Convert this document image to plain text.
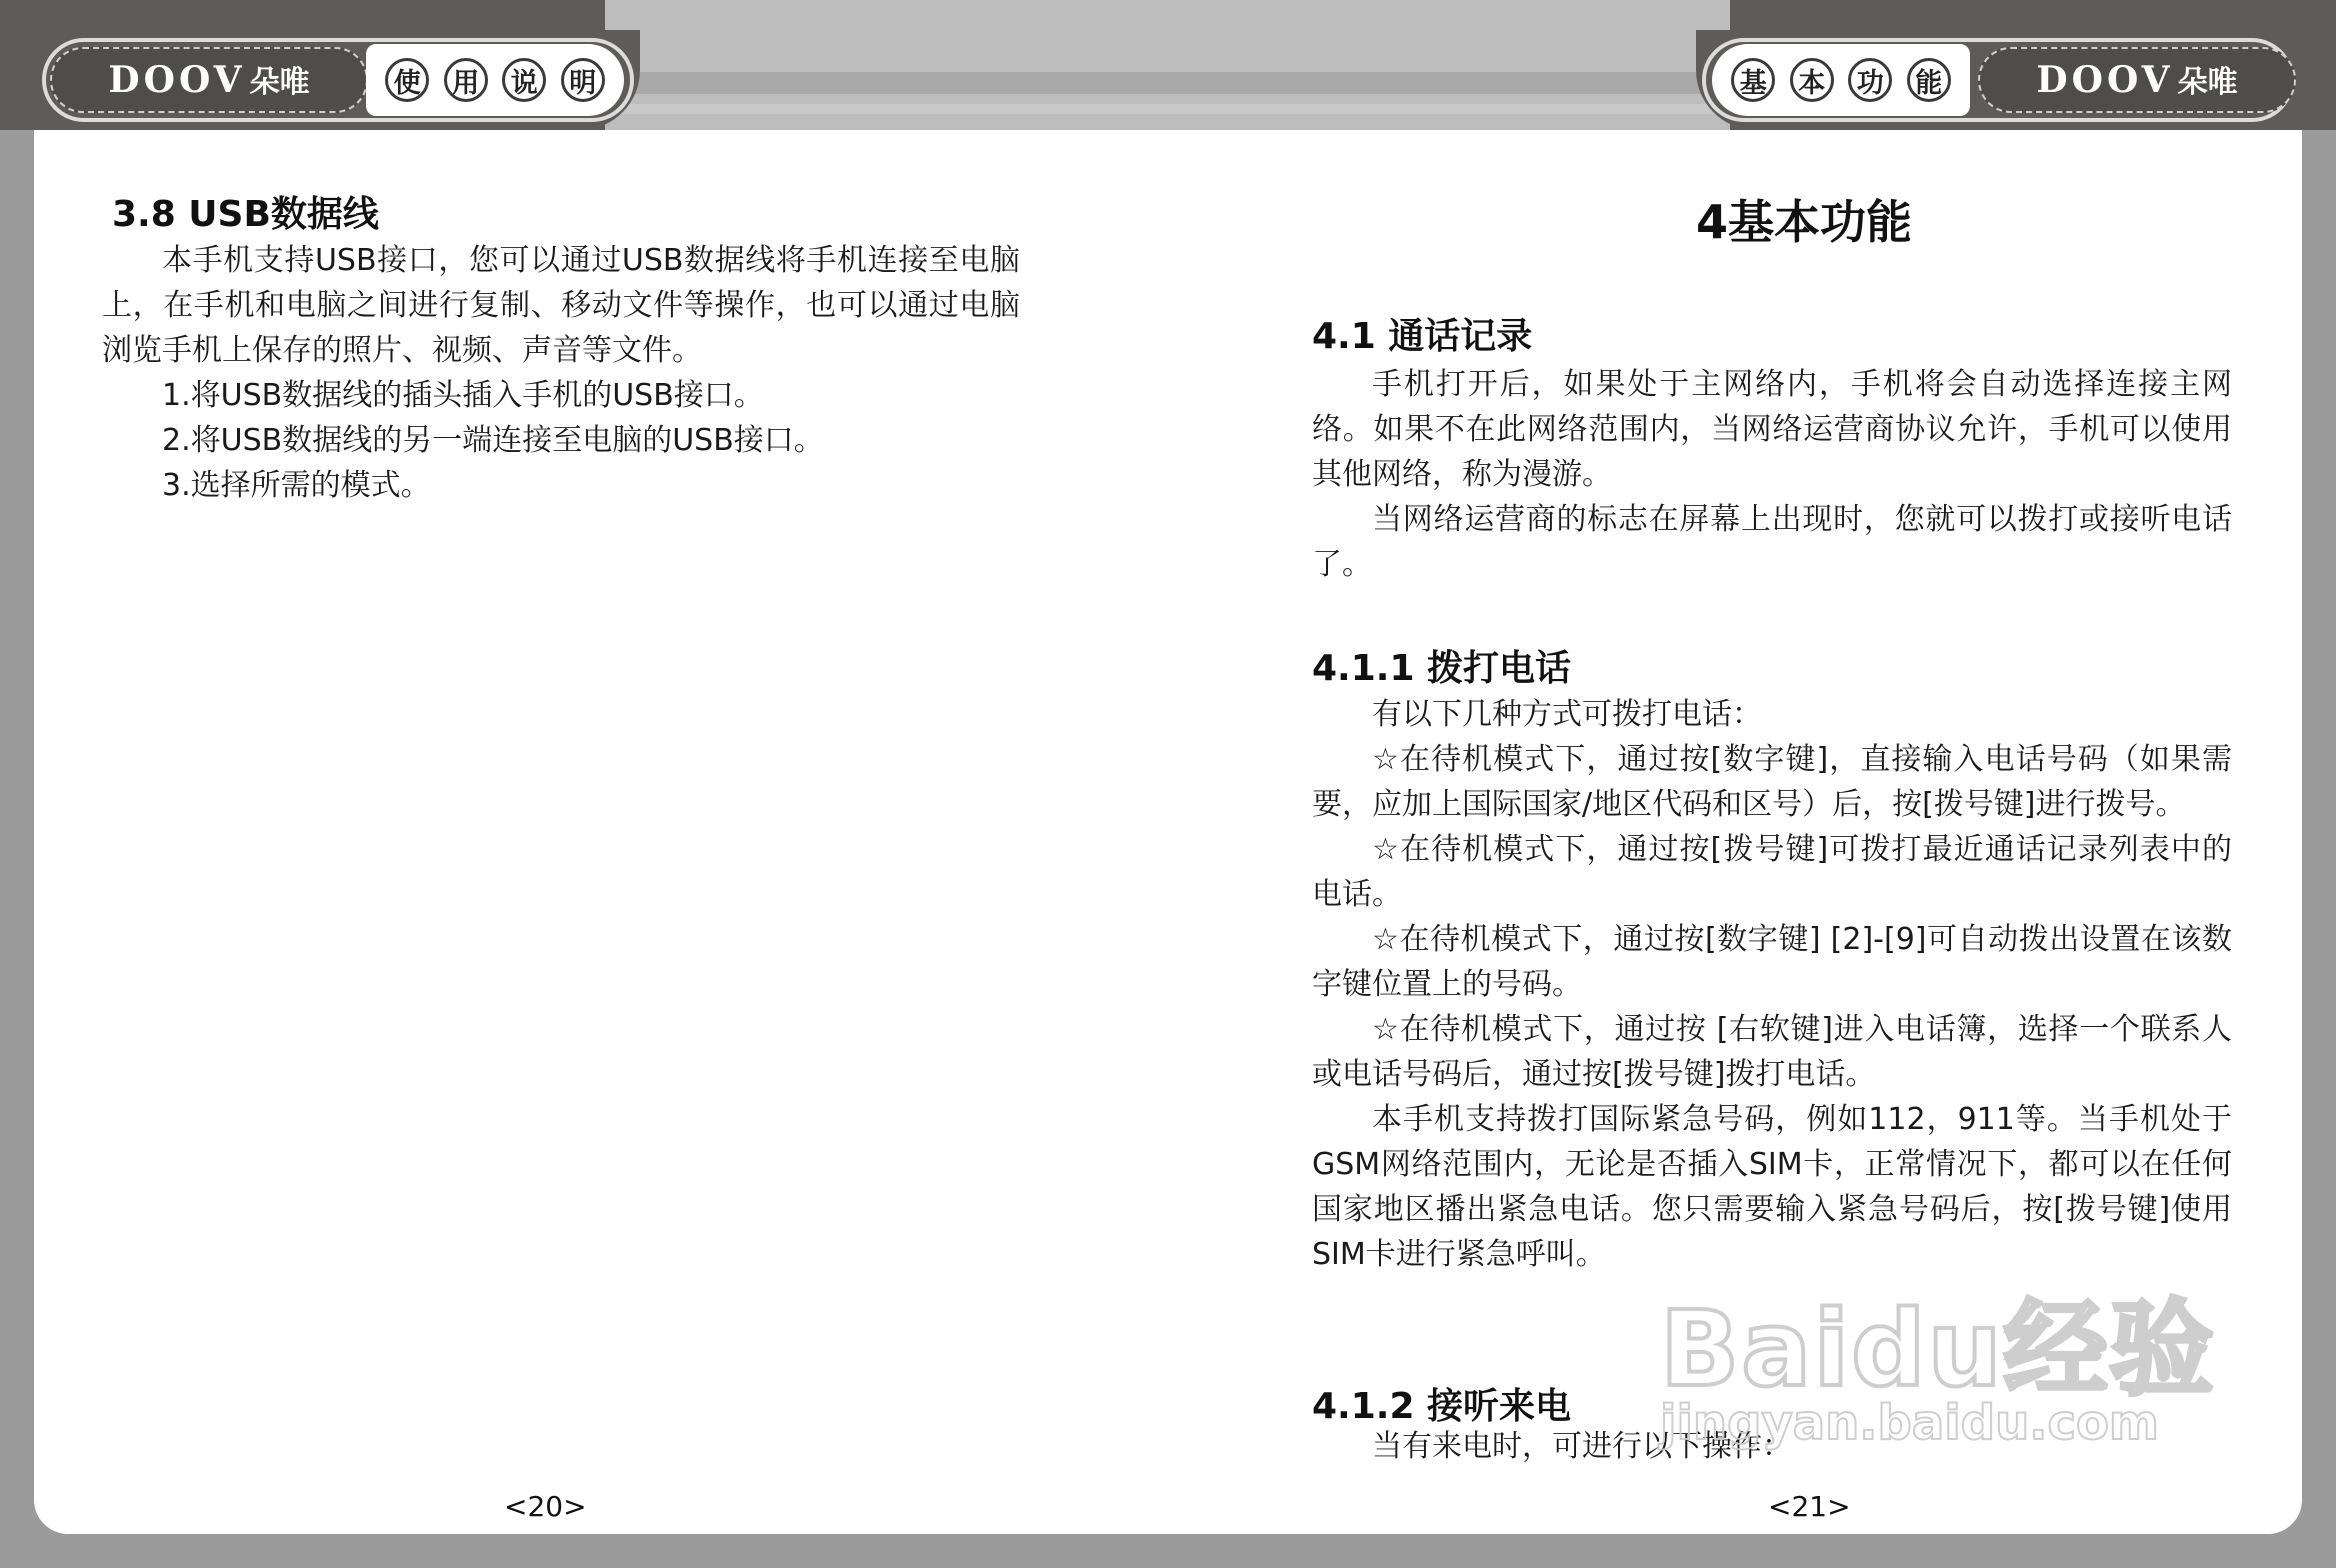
DOOV 朵唯	DOOV 朵唯
使	用	说	明	基	本	功	能
3.8 USB数据线

本手机支持USB接口，您可以通过USB数据线将手机连接至电脑上，在手机和电脑之间进行复制、移动文件等操作，也可以通过电脑浏览手机上保存的照片、视频、声音等文件。

1.将USB数据线的插头插入手机的USB接口。

2.将USB数据线的另一端连接至电脑的USB接口。

3.选择所需的模式。

<20>
4基本功能
4.1 通话记录

手机打开后，如果处于主网络内，手机将会自动选择连接主网络。如果不在此网络范围内，当网络运营商协议允许，手机可以使用其他网络，称为漫游。

当网络运营商的标志在屏幕上出现时，您就可以拨打或接听电话了。

4.1.1 拨打电话

有以下几种方式可拨打电话：

☆在待机模式下，通过按[数字键]，直接输入电话号码（如果需要，应加上国际国家/地区代码和区号）后，按[拨号键]进行拨号。

☆在待机模式下，通过按[拨号键]可拨打最近通话记录列表中的电话。

☆在待机模式下，通过按[数字键] [2]-[9]可自动拨出设置在该数字键位置上的号码。

☆在待机模式下，通过按 [右软键]进入电话簿，选择一个联系人或电话号码后，通过按[拨号键]拨打电话。

本手机支持拨打国际紧急号码，例如112，911等。当手机处于GSM网络范围内，无论是否插入SIM卡，正常情况下，都可以在任何国家地区播出紧急电话。您只需要输入紧急号码后，按[拨号键]使用SIM卡进行紧急呼叫。

4.1.2 接听来电

当有来电时，可进行以下操作：

<21>
